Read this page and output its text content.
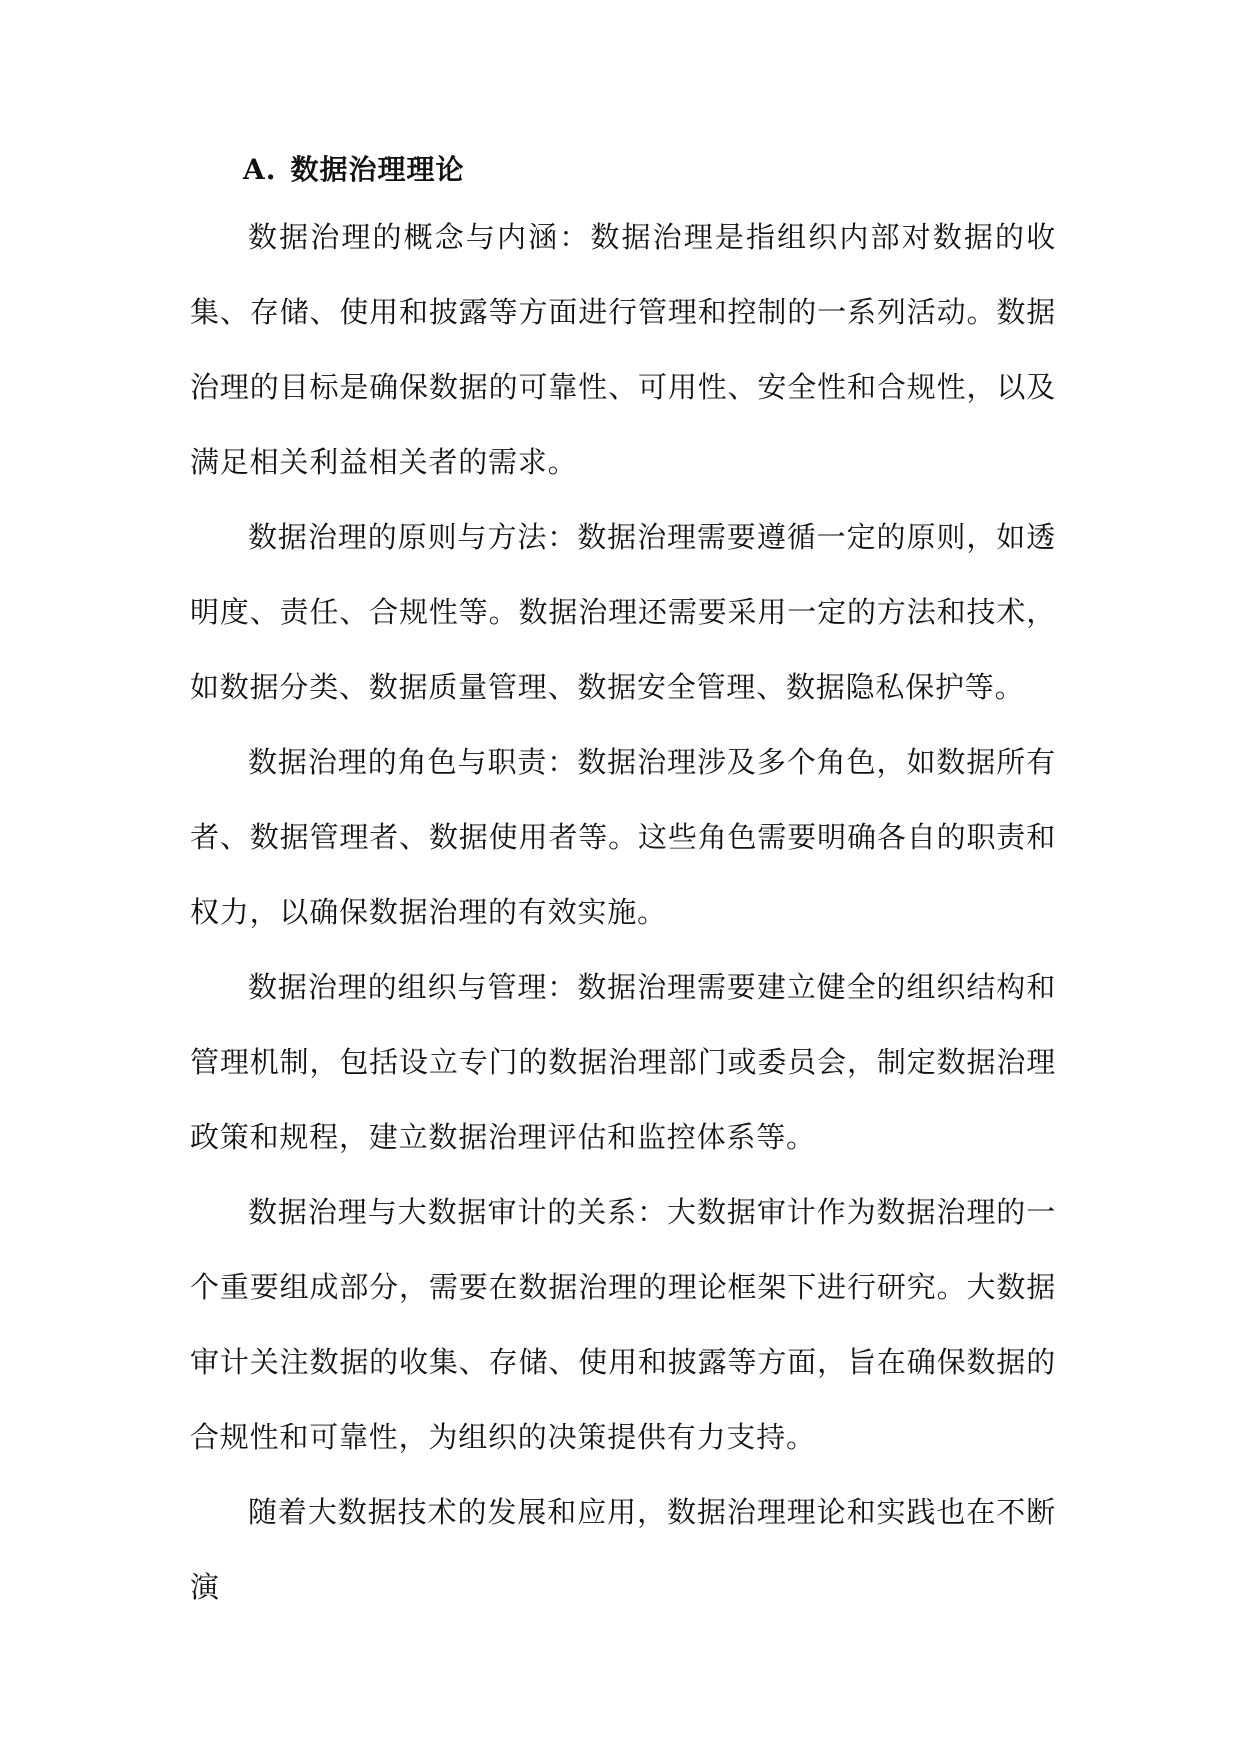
A. 数据治理理论

数据治理的概念与内涵：数据治理是指组织内部对数据的收集、存储、使用和披露等方面进行管理和控制的一系列活动。数据治理的目标是确保数据的可靠性、可用性、安全性和合规性，以及满足相关利益相关者的需求。

数据治理的原则与方法：数据治理需要遵循一定的原则，如透明度、责任、合规性等。数据治理还需要采用一定的方法和技术，如数据分类、数据质量管理、数据安全管理、数据隐私保护等。

数据治理的角色与职责：数据治理涉及多个角色，如数据所有者、数据管理者、数据使用者等。这些角色需要明确各自的职责和权力，以确保数据治理的有效实施。

数据治理的组织与管理：数据治理需要建立健全的组织结构和管理机制，包括设立专门的数据治理部门或委员会，制定数据治理政策和规程，建立数据治理评估和监控体系等。

数据治理与大数据审计的关系：大数据审计作为数据治理的一个重要组成部分，需要在数据治理的理论框架下进行研究。大数据审计关注数据的收集、存储、使用和披露等方面，旨在确保数据的合规性和可靠性，为组织的决策提供有力支持。

随着大数据技术的发展和应用，数据治理理论和实践也在不断演
